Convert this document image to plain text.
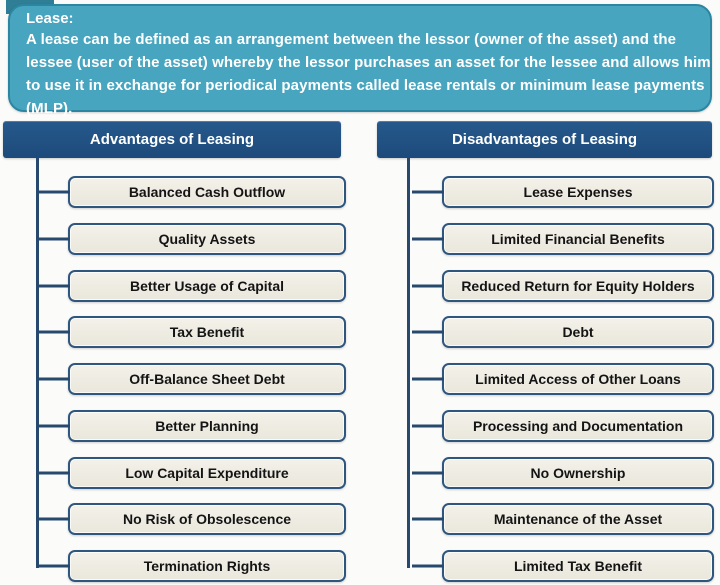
Lease:
A lease can be defined as an arrangement between the lessor (owner of the asset) and the
lessee (user of the asset) whereby the lessor purchases an asset for the lessee and allows him
to use it in exchange for periodical payments called lease rentals or minimum lease payments
(MLP).
Advantages of Leasing	Disadvantages of Leasing
Balanced Cash Outflow
Quality Assets
Better Usage of Capital
Tax Benefit
Off-Balance Sheet Debt
Better Planning
Low Capital Expenditure
No Risk of Obsolescence
Termination Rights
Lease Expenses
Limited Financial Benefits
Reduced Return for Equity Holders
Debt
Limited Access of Other Loans
Processing and Documentation
No Ownership
Maintenance of the Asset
Limited Tax Benefit
